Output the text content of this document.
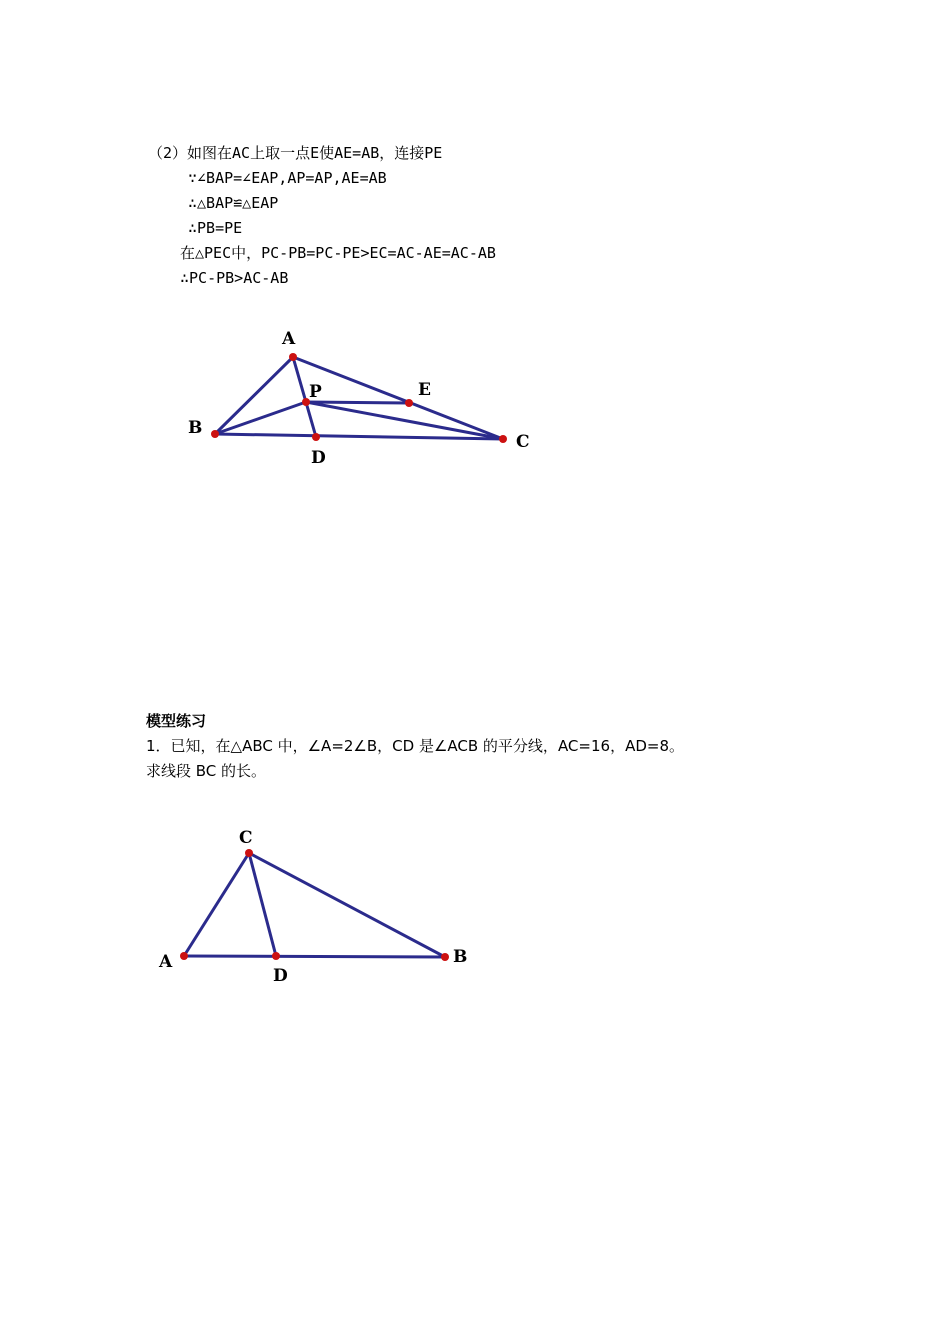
（2）如图在AC上取一点E使AE=AB，连接PE
∵∠BAP=∠EAP,AP=AP,AE=AB
∴△BAP≌△EAP
∴PB=PE
在△PEC中，PC-PB=PC-PE>EC=AC-AE=AC-AB
∴PC-PB>AC-AB
A
P	E
B
C
D
模型练习
1．已知，在△ABC 中，∠A=2∠B，CD 是∠ACB 的平分线，AC=16，AD=8。
求线段 BC 的长。
C
A
D
B
